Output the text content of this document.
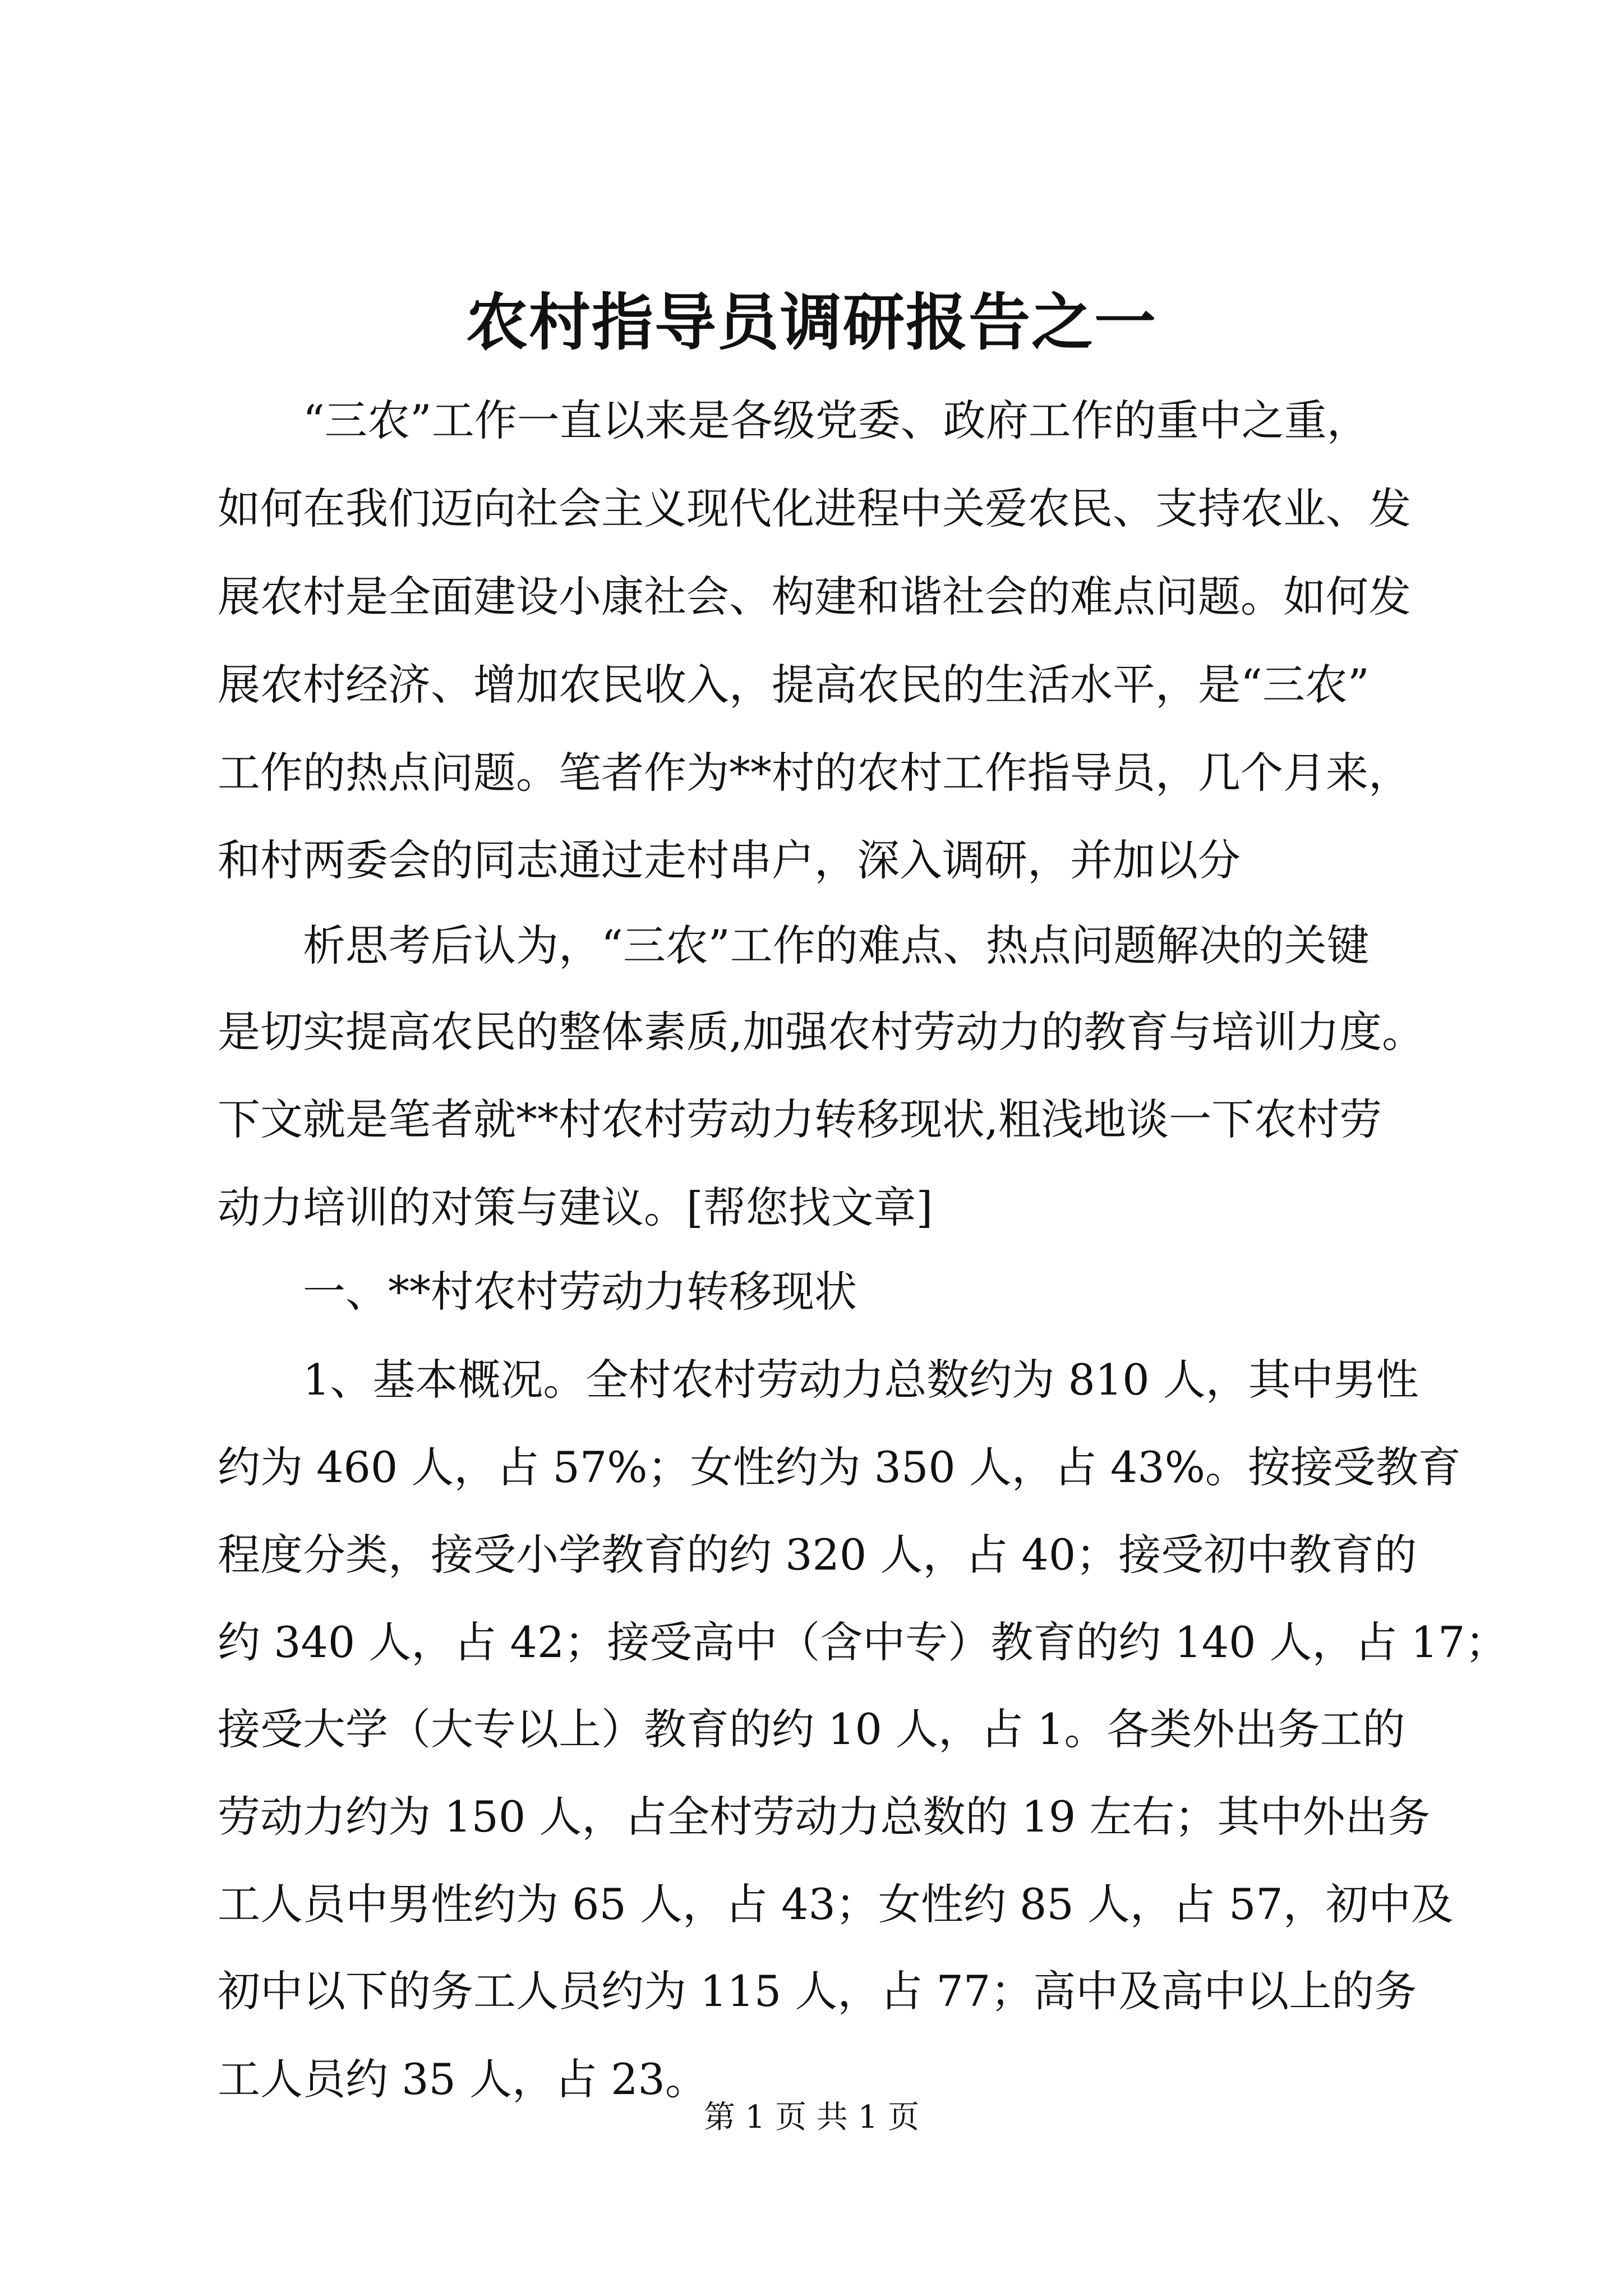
农村指导员调研报告之一

　　“三农”工作一直以来是各级党委、政府工作的重中之重，

如何在我们迈向社会主义现代化进程中关爱农民、支持农业、发

展农村是全面建设小康社会、构建和谐社会的难点问题。如何发

展农村经济、增加农民收入，提高农民的生活水平，是“三农”

工作的热点问题。笔者作为**村的农村工作指导员，几个月来，

和村两委会的同志通过走村串户，深入调研，并加以分

　　析思考后认为，“三农”工作的难点、热点问题解决的关键

是切实提高农民的整体素质,加强农村劳动力的教育与培训力度。

下文就是笔者就**村农村劳动力转移现状,粗浅地谈一下农村劳

动力培训的对策与建议。[帮您找文章]

　　一、**村农村劳动力转移现状

　　1、基本概况。全村农村劳动力总数约为 810 人，其中男性

约为 460 人，占 57%；女性约为 350 人，占 43%。按接受教育

程度分类，接受小学教育的约 320 人，占 40；接受初中教育的

约 340 人，占 42；接受高中（含中专）教育的约 140 人，占 17；

接受大学（大专以上）教育的约 10 人，占 1。各类外出务工的

劳动力约为 150 人，占全村劳动力总数的 19 左右；其中外出务

工人员中男性约为 65 人，占 43；女性约 85 人，占 57，初中及

初中以下的务工人员约为 115 人，占 77；高中及高中以上的务

工人员约 35 人，占 23。

第 1 页 共 1 页
